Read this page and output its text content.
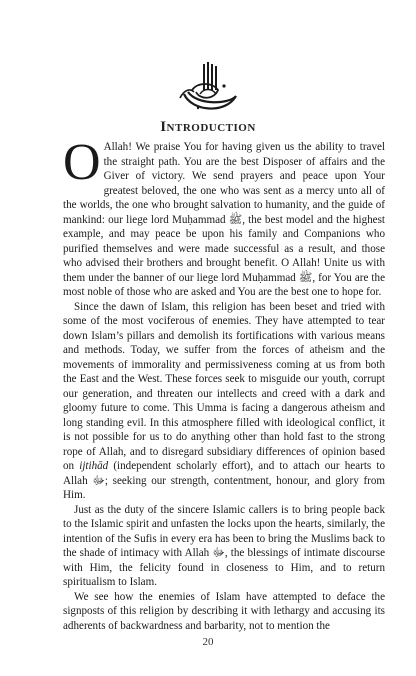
Introduction

O Allah! We praise You for having given us the ability to travel the straight path. You are the best Disposer of affairs and the Giver of victory. We send prayers and peace upon Your greatest beloved, the one who was sent as a mercy unto all of the worlds, the one who brought salvation to humanity, and the guide of mankind: our liege lord Muḥammad ﷺ, the best model and the highest example, and may peace be upon his family and Companions who purified themselves and were made successful as a result, and those who advised their brothers and brought benefit. O Allah! Unite us with them under the banner of our liege lord Muḥammad ﷺ, for You are the most noble of those who are asked and You are the best one to hope for.

Since the dawn of Islam, this religion has been beset and tried with some of the most vociferous of enemies. They have attempted to tear down Islam’s pillars and demolish its fortifications with various means and methods. Today, we suffer from the forces of atheism and the movements of immorality and permissiveness coming at us from both the East and the West. These forces seek to misguide our youth, corrupt our generation, and threaten our intellects and creed with a dark and gloomy future to come. This Umma is facing a dangerous atheism and long standing evil. In this atmosphere filled with ideological conflict, it is not possible for us to do anything other than hold fast to the strong rope of Allah, and to disregard subsidiary differences of opinion based on ijtihād (independent scholarly effort), and to attach our hearts to Allah ﷻ; seeking our strength, contentment, honour, and glory from Him.

Just as the duty of the sincere Islamic callers is to bring people back to the Islamic spirit and unfasten the locks upon the hearts, similarly, the intention of the Sufis in every era has been to bring the Muslims back to the shade of intimacy with Allah ﷻ, the blessings of intimate discourse with Him, the felicity found in closeness to Him, and to return spiritualism to Islam.

We see how the enemies of Islam have attempted to deface the signposts of this religion by describing it with lethargy and accusing its adherents of backwardness and barbarity, not to mention the

20
